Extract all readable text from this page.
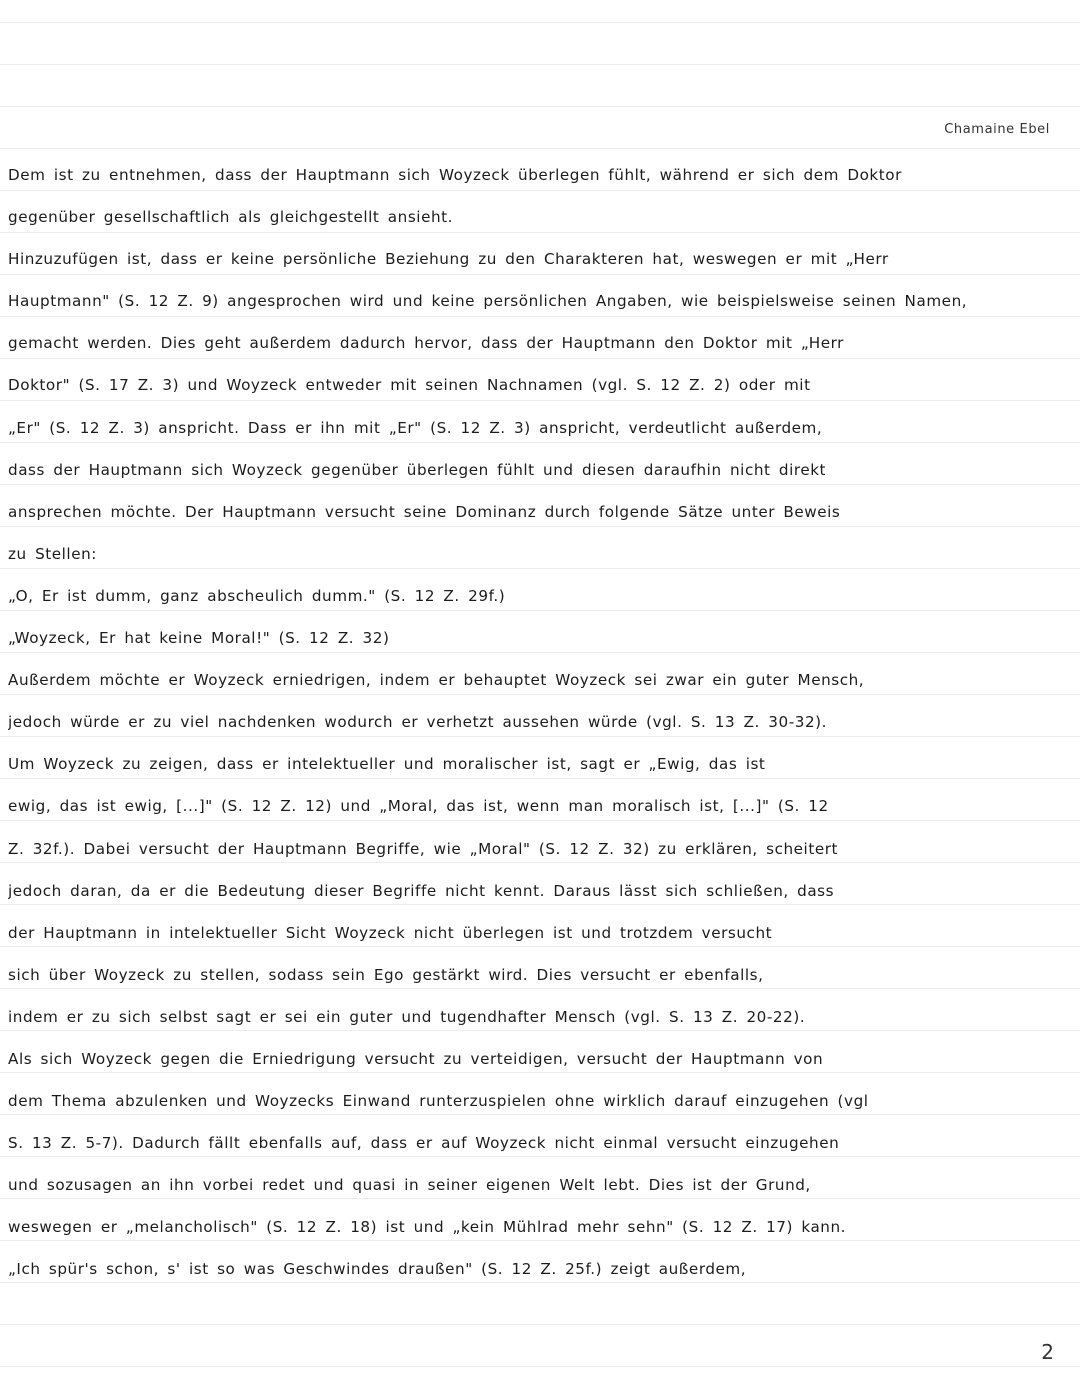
Chamaine Ebel
Dem ist zu entnehmen, dass der Hauptmann sich Woyzeck überlegen fühlt, während er sich dem Doktor
gegenüber gesellschaftlich als gleichgestellt ansieht.
Hinzuzufügen ist, dass er keine persönliche Beziehung zu den Charakteren hat, weswegen er mit „Herr
Hauptmann" (S. 12 Z. 9) angesprochen wird und keine persönlichen Angaben, wie beispielsweise seinen Namen,
gemacht werden. Dies geht außerdem dadurch hervor, dass der Hauptmann den Doktor mit „Herr
Doktor" (S. 17 Z. 3) und Woyzeck entweder mit seinen Nachnamen (vgl. S. 12 Z. 2) oder mit
„Er" (S. 12 Z. 3) anspricht. Dass er ihn mit „Er" (S. 12 Z. 3) anspricht, verdeutlicht außerdem,
dass der Hauptmann sich Woyzeck gegenüber überlegen fühlt und diesen daraufhin nicht direkt
ansprechen möchte. Der Hauptmann versucht seine Dominanz durch folgende Sätze unter Beweis
zu Stellen:
„O, Er ist dumm, ganz abscheulich dumm." (S. 12 Z. 29f.)
„Woyzeck, Er hat keine Moral!" (S. 12 Z. 32)
Außerdem möchte er Woyzeck erniedrigen, indem er behauptet Woyzeck sei zwar ein guter Mensch,
jedoch würde er zu viel nachdenken wodurch er verhetzt aussehen würde (vgl. S. 13 Z. 30-32).
Um Woyzeck zu zeigen, dass er intelektueller und moralischer ist, sagt er „Ewig, das ist
ewig, das ist ewig, [...]" (S. 12 Z. 12) und „Moral, das ist, wenn man moralisch ist, [...]" (S. 12
Z. 32f.). Dabei versucht der Hauptmann Begriffe, wie „Moral" (S. 12 Z. 32) zu erklären, scheitert
jedoch daran, da er die Bedeutung dieser Begriffe nicht kennt. Daraus lässt sich schließen, dass
der Hauptmann in intelektueller Sicht Woyzeck nicht überlegen ist und trotzdem versucht
sich über Woyzeck zu stellen, sodass sein Ego gestärkt wird. Dies versucht er ebenfalls,
indem er zu sich selbst sagt er sei ein guter und tugendhafter Mensch (vgl. S. 13 Z. 20-22).
Als sich Woyzeck gegen die Erniedrigung versucht zu verteidigen, versucht der Hauptmann von
dem Thema abzulenken und Woyzecks Einwand runterzuspielen ohne wirklich darauf einzugehen (vgl
S. 13 Z. 5-7). Dadurch fällt ebenfalls auf, dass er auf Woyzeck nicht einmal versucht einzugehen
und sozusagen an ihn vorbei redet und quasi in seiner eigenen Welt lebt. Dies ist der Grund,
weswegen er „melancholisch" (S. 12 Z. 18) ist und „kein Mühlrad mehr sehn" (S. 12 Z. 17) kann.
„Ich spür's schon, s' ist so was Geschwindes draußen" (S. 12 Z. 25f.) zeigt außerdem,
2
